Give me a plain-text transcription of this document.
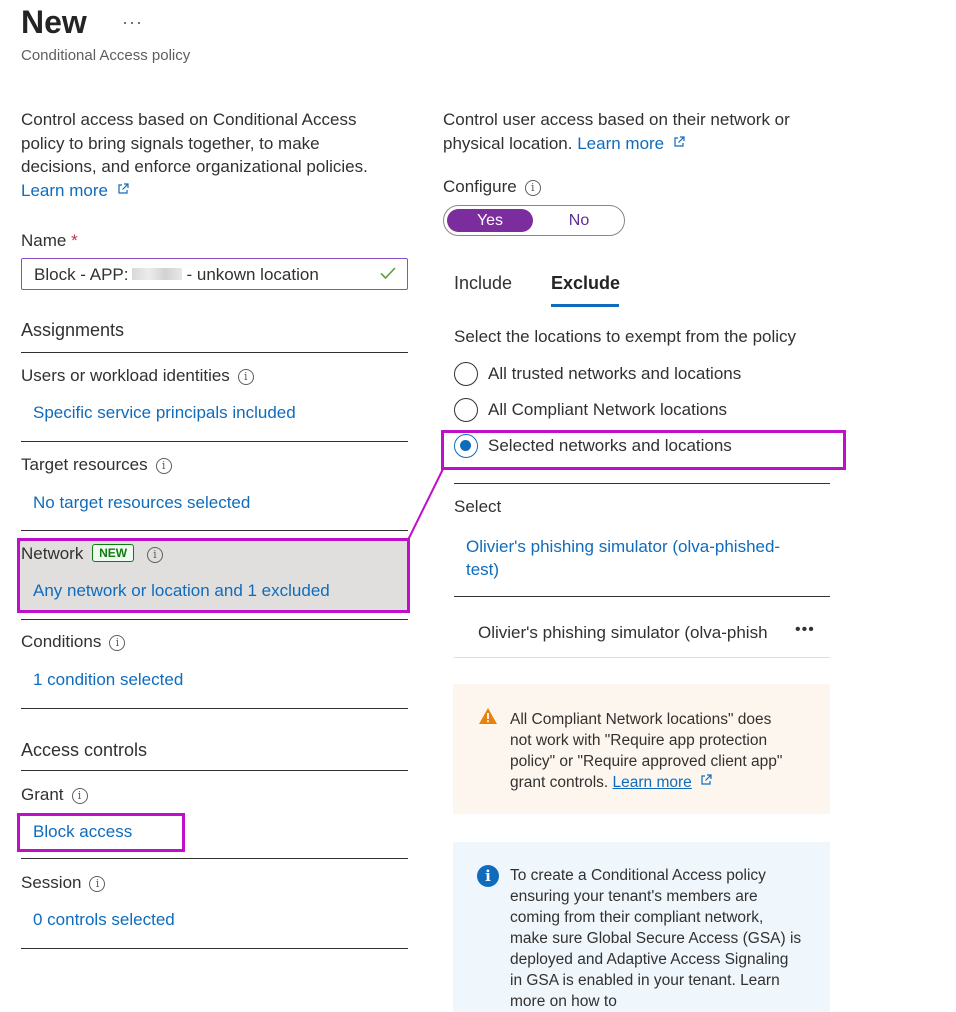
New ···
Conditional Access policy
Control access based on Conditional Access
policy to bring signals together, to make
decisions, and enforce organizational policies.
Learn more
Name *
Block - APP:	- unkown location
Assignments
Users or workload identities i
Specific service principals included
Target resources i
No target resources selected
Network NEW i
Any network or location and 1 excluded
Conditions i
1 condition selected
Access controls
Grant i
Block access
Session i
0 controls selected
Control user access based on their network or
physical location. Learn more
Configure i
Yes	No
Include Exclude
Select the locations to exempt from the policy
All trusted networks and locations
All Compliant Network locations
Selected networks and locations
Select
Olivier's phishing simulator (olva-phished-
test)
Olivier's phishing simulator (olva-phish •••
All Compliant Network locations" does
not work with "Require app protection
policy" or "Require approved client app"
grant controls. Learn more
i	To create a Conditional Access policy
ensuring your tenant's members are
coming from their compliant network,
make sure Global Secure Access (GSA) is
deployed and Adaptive Access Signaling
in GSA is enabled in your tenant. Learn
more on how to
